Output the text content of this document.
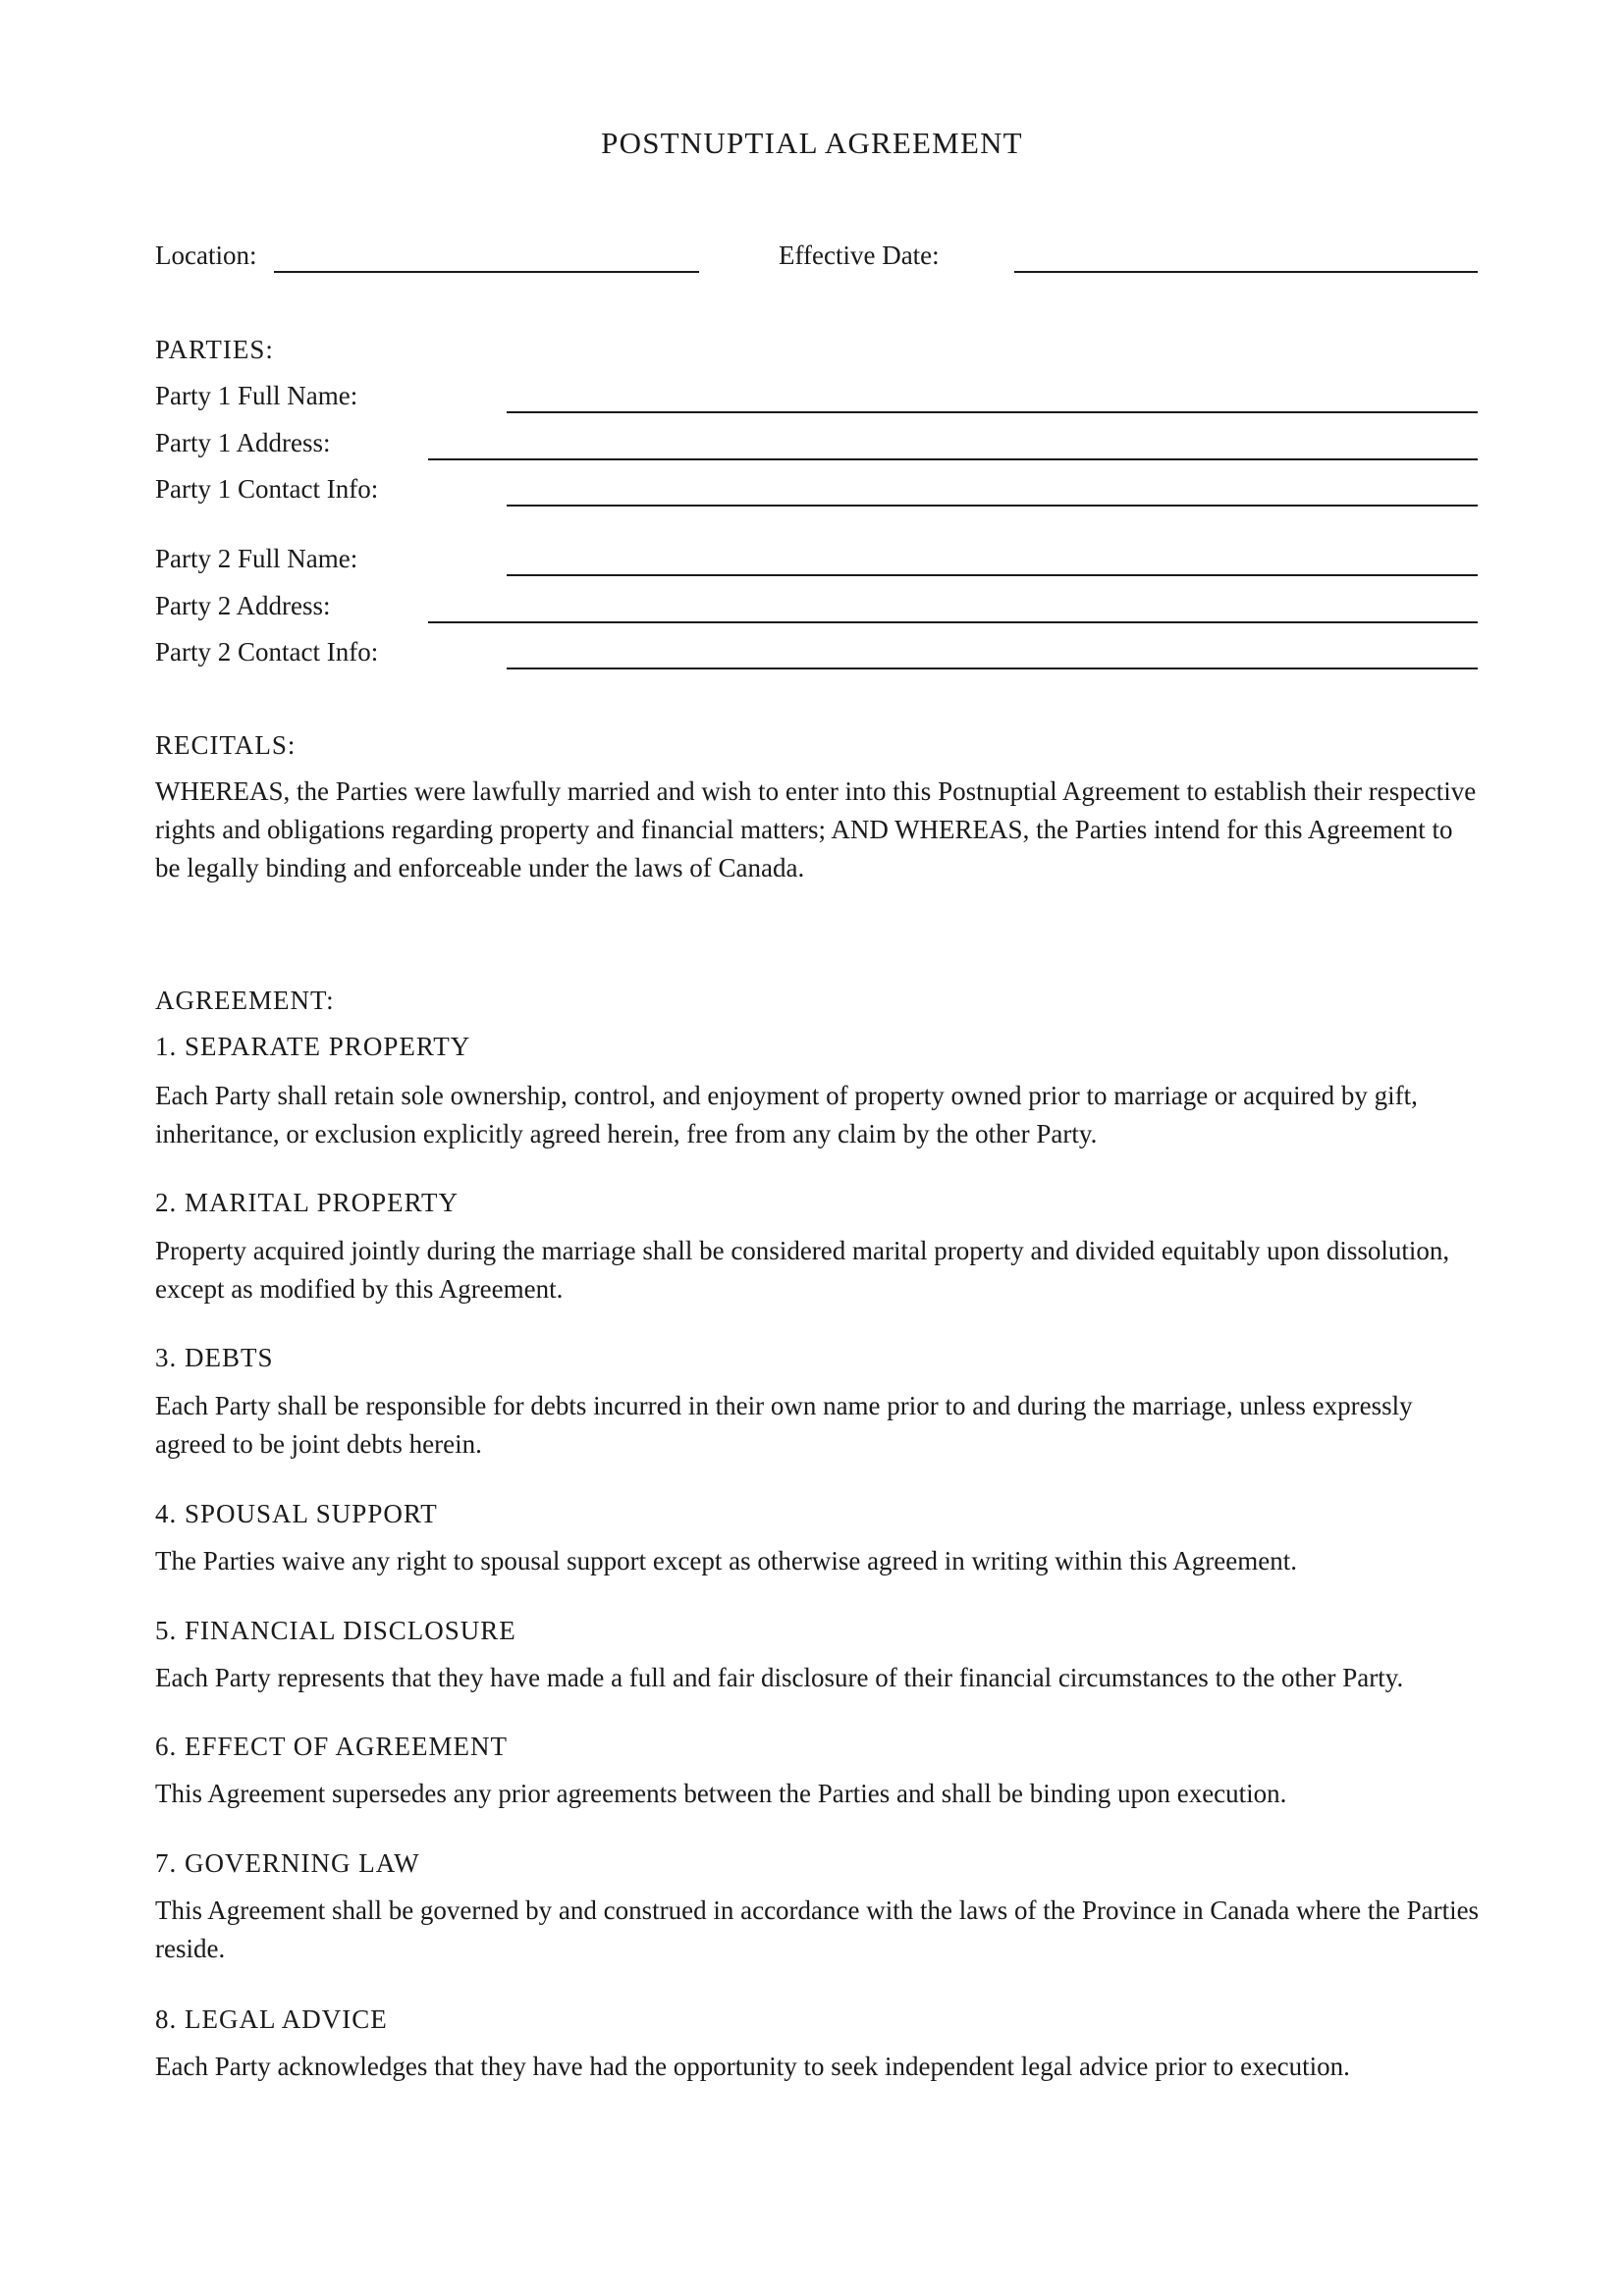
POSTNUPTIAL AGREEMENT
Location:	Effective Date:
PARTIES:
Party 1 Full Name:
Party 1 Address:
Party 1 Contact Info:
Party 2 Full Name:
Party 2 Address:
Party 2 Contact Info:
RECITALS:
WHEREAS, the Parties were lawfully married and wish to enter into this Postnuptial Agreement to establish their respective rights and obligations regarding property and financial matters; AND WHEREAS, the Parties intend for this Agreement to be legally binding and enforceable under the laws of Canada.
AGREEMENT:
1. SEPARATE PROPERTY
Each Party shall retain sole ownership, control, and enjoyment of property owned prior to marriage or acquired by gift, inheritance, or exclusion explicitly agreed herein, free from any claim by the other Party.
2. MARITAL PROPERTY
Property acquired jointly during the marriage shall be considered marital property and divided equitably upon dissolution, except as modified by this Agreement.
3. DEBTS
Each Party shall be responsible for debts incurred in their own name prior to and during the marriage, unless expressly agreed to be joint debts herein.
4. SPOUSAL SUPPORT
The Parties waive any right to spousal support except as otherwise agreed in writing within this Agreement.
5. FINANCIAL DISCLOSURE
Each Party represents that they have made a full and fair disclosure of their financial circumstances to the other Party.
6. EFFECT OF AGREEMENT
This Agreement supersedes any prior agreements between the Parties and shall be binding upon execution.
7. GOVERNING LAW
This Agreement shall be governed by and construed in accordance with the laws of the Province in Canada where the Parties reside.
8. LEGAL ADVICE
Each Party acknowledges that they have had the opportunity to seek independent legal advice prior to execution.
